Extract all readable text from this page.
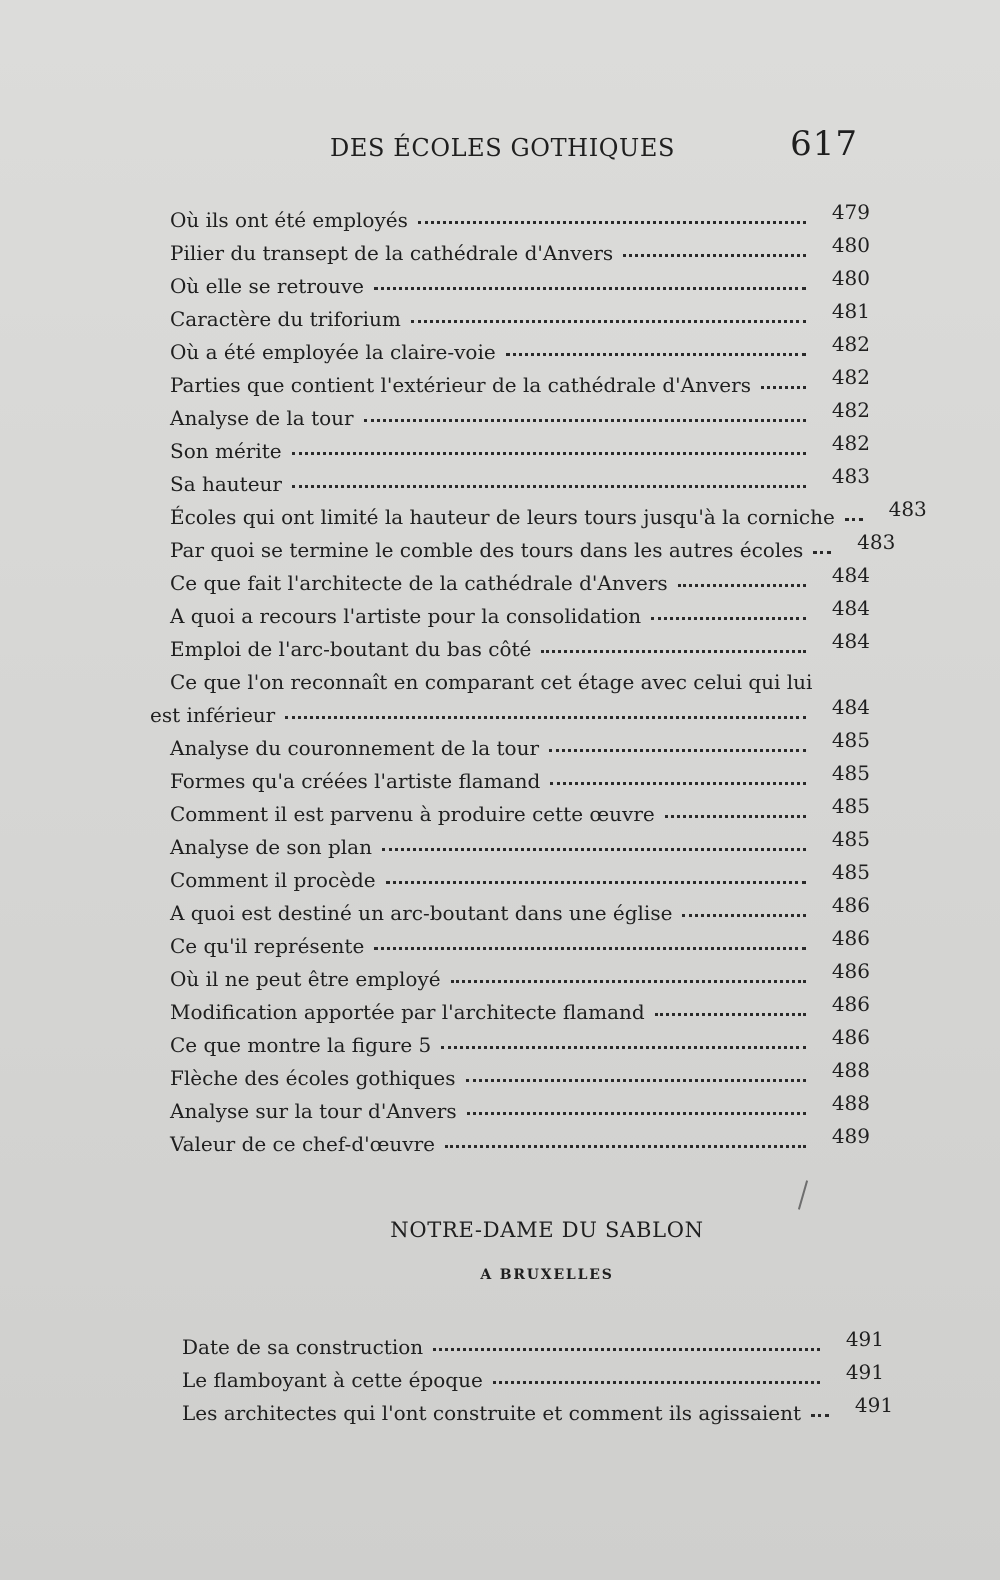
DES ÉCOLES GOTHIQUES	617
Où ils ont été employés	479
Pilier du transept de la cathédrale d'Anvers	480
Où elle se retrouve	480
Caractère du triforium	481
Où a été employée la claire-voie	482
Parties que contient l'extérieur de la cathédrale d'Anvers	482
Analyse de la tour	482
Son mérite	482
Sa hauteur	483
Écoles qui ont limité la hauteur de leurs tours jusqu'à la corniche	483
Par quoi se termine le comble des tours dans les autres écoles	483
Ce que fait l'architecte de la cathédrale d'Anvers	484
A quoi a recours l'artiste pour la consolidation	484
Emploi de l'arc-boutant du bas côté	484
Ce que l'on reconnaît en comparant cet étage avec celui qui lui
est inférieur	484
Analyse du couronnement de la tour	485
Formes qu'a créées l'artiste flamand	485
Comment il est parvenu à produire cette œuvre	485
Analyse de son plan	485
Comment il procède	485
A quoi est destiné un arc-boutant dans une église	486
Ce qu'il représente	486
Où il ne peut être employé	486
Modification apportée par l'architecte flamand	486
Ce que montre la figure 5	486
Flèche des écoles gothiques	488
Analyse sur la tour d'Anvers	488
Valeur de ce chef-d'œuvre	489
NOTRE-DAME DU SABLON
A BRUXELLES
Date de sa construction	491
Le flamboyant à cette époque	491
Les architectes qui l'ont construite et comment ils agissaient	491
